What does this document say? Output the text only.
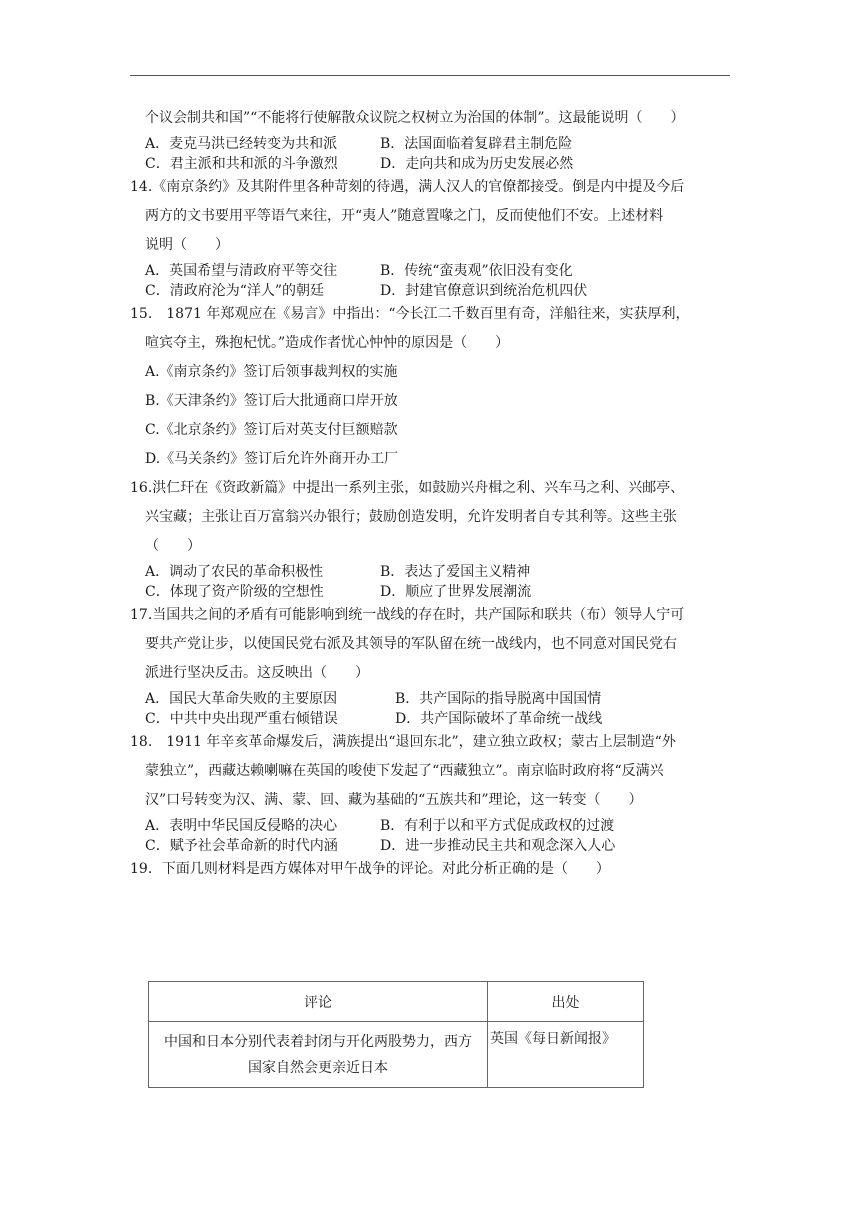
个议会制共和国”“不能将行使解散众议院之权树立为治国的体制”。这最能说明（　　）
A．麦克马洪已经转变为共和派	B．法国面临着复辟君主制危险
C．君主派和共和派的斗争激烈	D．走向共和成为历史发展必然
14.《南京条约》及其附件里各种苛刻的待遇，满人汉人的官僚都接受。倒是内中提及今后
两方的文书要用平等语气来往，开“夷人”随意置喙之门，反而使他们不安。上述材料
说明（　　）
A．英国希望与清政府平等交往	B．传统“蛮夷观”依旧没有变化
C．清政府沦为“洋人”的朝廷	D．封建官僚意识到统治危机四伏
15.　1871 年郑观应在《易言》中指出：“今长江二千数百里有奇，洋船往来，实获厚利，
喧宾夺主，殊抱杞忧。”造成作者忧心忡忡的原因是（　　）
A.《南京条约》签订后领事裁判权的实施
B.《天津条约》签订后大批通商口岸开放
C.《北京条约》签订后对英支付巨额赔款
D.《马关条约》签订后允许外商开办工厂
16.洪仁玕在《资政新篇》中提出一系列主张，如鼓励兴舟楫之利、兴车马之利、兴邮亭、
兴宝藏；主张让百万富翁兴办银行；鼓励创造发明，允许发明者自专其利等。这些主张
（　　）
A．调动了农民的革命积极性	B．表达了爱国主义精神
C．体现了资产阶级的空想性	D．顺应了世界发展潮流
17.当国共之间的矛盾有可能影响到统一战线的存在时，共产国际和联共（布）领导人宁可
要共产党让步，以使国民党右派及其领导的军队留在统一战线内，也不同意对国民党右
派进行坚决反击。这反映出（　　）
A．国民大革命失败的主要原因	B．共产国际的指导脱离中国国情
C．中共中央出现严重右倾错误	D．共产国际破坏了革命统一战线
18.　1911 年辛亥革命爆发后，满族提出“退回东北”，建立独立政权；蒙古上层制造“外
蒙独立”，西藏达赖喇嘛在英国的唆使下发起了“西藏独立”。南京临时政府将“反满兴
汉”口号转变为汉、满、蒙、回、藏为基础的“五族共和”理论，这一转变（　　）
A．表明中华民国反侵略的决心	B．有利于以和平方式促成政权的过渡
C．赋予社会革命新的时代内涵	D．进一步推动民主共和观念深入人心
19．下面几则材料是西方媒体对甲午战争的评论。对此分析正确的是（　　）
评论	出处

中国和日本分别代表着封闭与开化两股势力，西方
国家自然会更亲近日本	英国《每日新闻报》
